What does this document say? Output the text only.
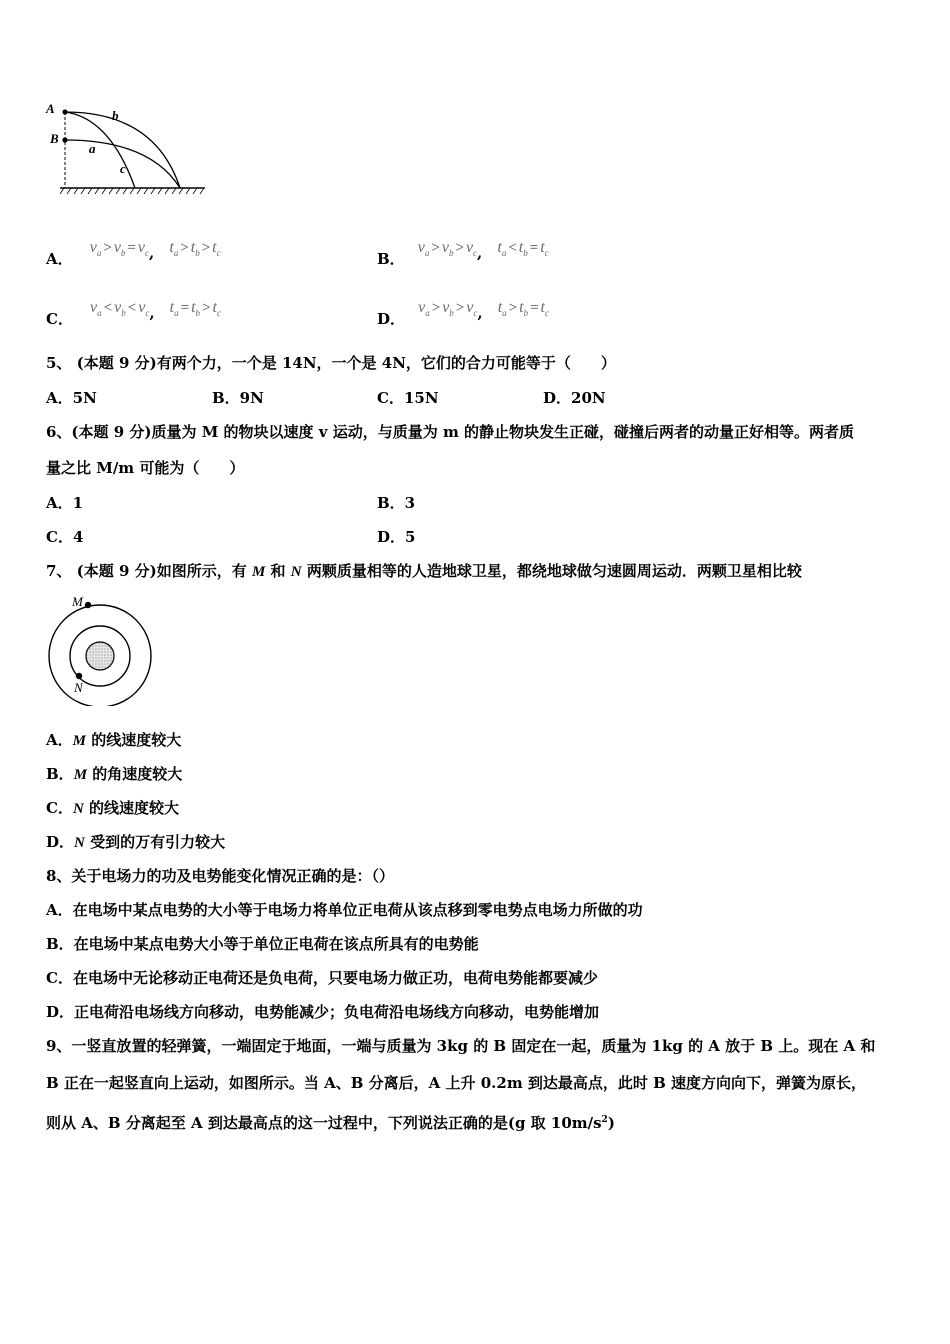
A
B
a
b
c
A． $v_a > v_b = v_c$, $t_a > t_b > t_c$	B． $v_a > v_b > v_c$, $t_a < t_b = t_c$
C． $v_a < v_b < v_c$, $t_a = t_b > t_c$	D． $v_a > v_b > v_c$, $t_a > t_b = t_c$
5、 (本题 9 分)有两个力，一个是 14N，一个是 4N，它们的合力可能等于（　　）
A．5N	B．9N	C．15N	D．20N
6、(本题 9 分)质量为 M 的物块以速度 v 运动，与质量为 m 的静止物块发生正碰，碰撞后两者的动量正好相等。两者质
量之比 M/m 可能为（　　）
A．1	B．3
C．4	D．5
7、 (本题 9 分)如图所示，有 M 和 N 两颗质量相等的人造地球卫星，都绕地球做匀速圆周运动．两颗卫星相比较
M
N
A．M 的线速度较大
B．M 的角速度较大
C．N 的线速度较大
D．N 受到的万有引力较大
8、关于电场力的功及电势能变化情况正确的是：（）
A．在电场中某点电势的大小等于电场力将单位正电荷从该点移到零电势点电场力所做的功
B．在电场中某点电势大小等于单位正电荷在该点所具有的电势能
C．在电场中无论移动正电荷还是负电荷，只要电场力做正功，电荷电势能都要减少
D．正电荷沿电场线方向移动，电势能减少；负电荷沿电场线方向移动，电势能增加
9、一竖直放置的轻弹簧，一端固定于地面，一端与质量为 3kg 的 B 固定在一起，质量为 1kg 的 A 放于 B 上。现在 A 和
B 正在一起竖直向上运动，如图所示。当 A、B 分离后，A 上升 0.2m 到达最高点，此时 B 速度方向向下，弹簧为原长，
则从 A、B 分离起至 A 到达最高点的这一过程中，下列说法正确的是(g 取 $10m/s^2$)
